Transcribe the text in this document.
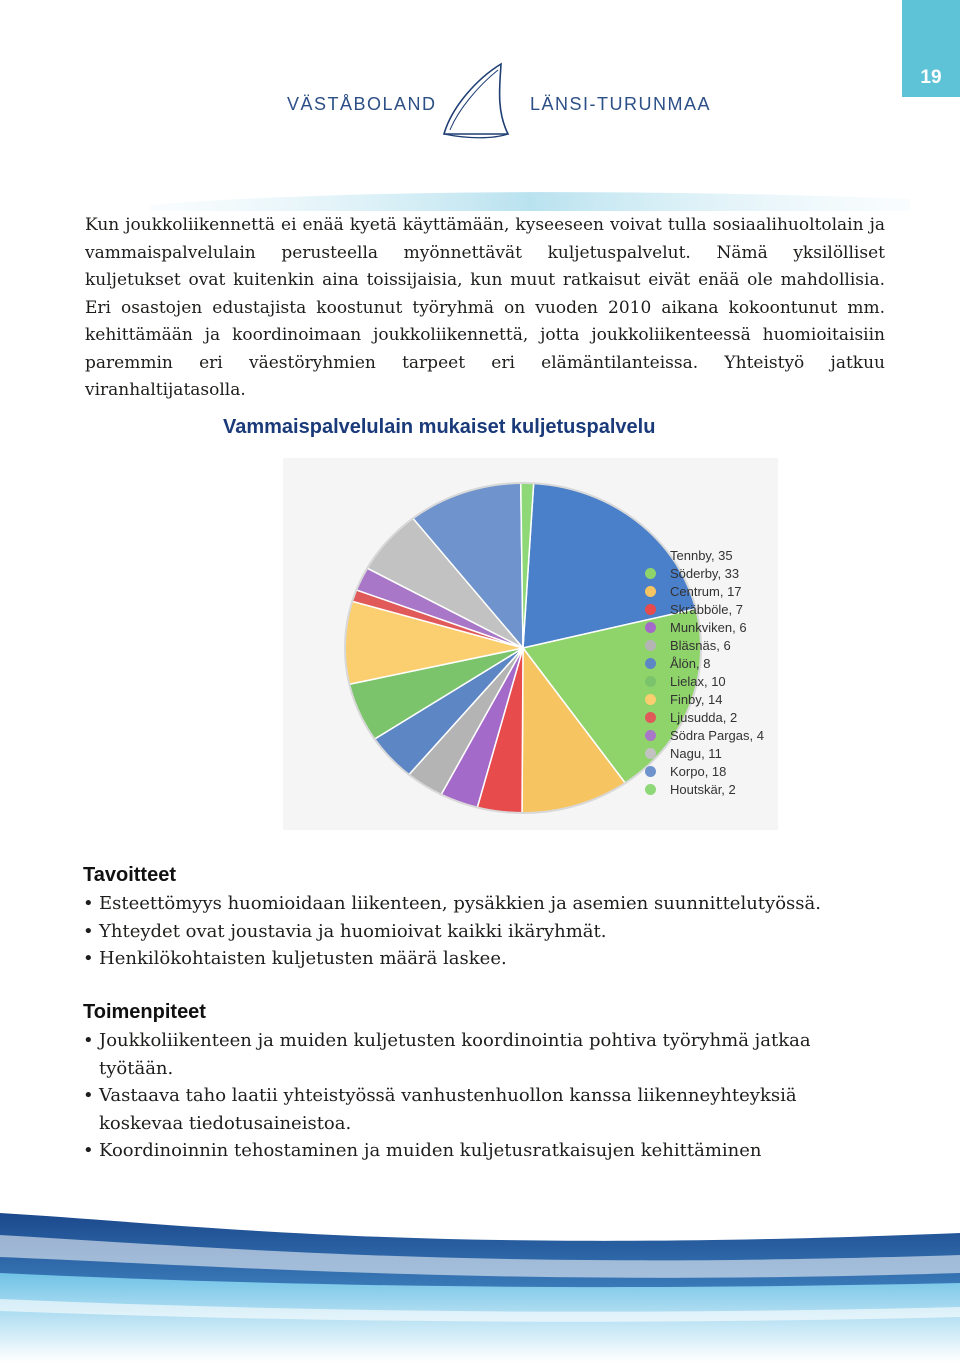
19
VÄSTÅBOLAND	LÄNSI-TURUNMAA

Kun joukkoliikennettä ei enää kyetä käyttämään, kyseeseen voivat tulla sosiaalihuoltolain ja vammaispalvelulain perusteella myönnettävät kuljetuspalvelut. Nämä yksilölliset kuljetukset ovat kuitenkin aina toissijaisia, kun muut ratkaisut eivät enää ole mahdollisia. Eri osastojen edustajista koostunut työryhmä on vuoden 2010 aikana kokoontunut mm. kehittämään ja koordinoimaan joukkoliikennettä, jotta joukkoliikenteessä huomioitaisiin paremmin eri väestöryhmien tarpeet eri elämäntilanteissa. Yhteistyö jatkuu viranhaltijatasolla.

Vammaispalvelulain mukaiset kuljetuspalvelu
Tennby, 35
Söderby, 33
Centrum, 17
Skräbböle, 7
Munkviken, 6
Bläsnäs, 6
Ålön, 8
Lielax, 10
Finby, 14
Ljusudda, 2
Södra Pargas, 4
Nagu, 11
Korpo, 18
Houtskär, 2
Tavoitteet
• Esteettömyys huomioidaan liikenteen, pysäkkien ja asemien suunnittelutyössä.
• Yhteydet ovat joustavia ja huomioivat kaikki ikäryhmät.
• Henkilökohtaisten kuljetusten määrä laskee.
Toimenpiteet
• Joukkoliikenteen ja muiden kuljetusten koordinointia pohtiva työryhmä jatkaa työtään.
• Vastaava taho laatii yhteistyössä vanhustenhuollon kanssa liikenneyhteyksiä koskevaa tiedotusaineistoa.
• Koordinoinnin tehostaminen ja muiden kuljetusratkaisujen kehittäminen
